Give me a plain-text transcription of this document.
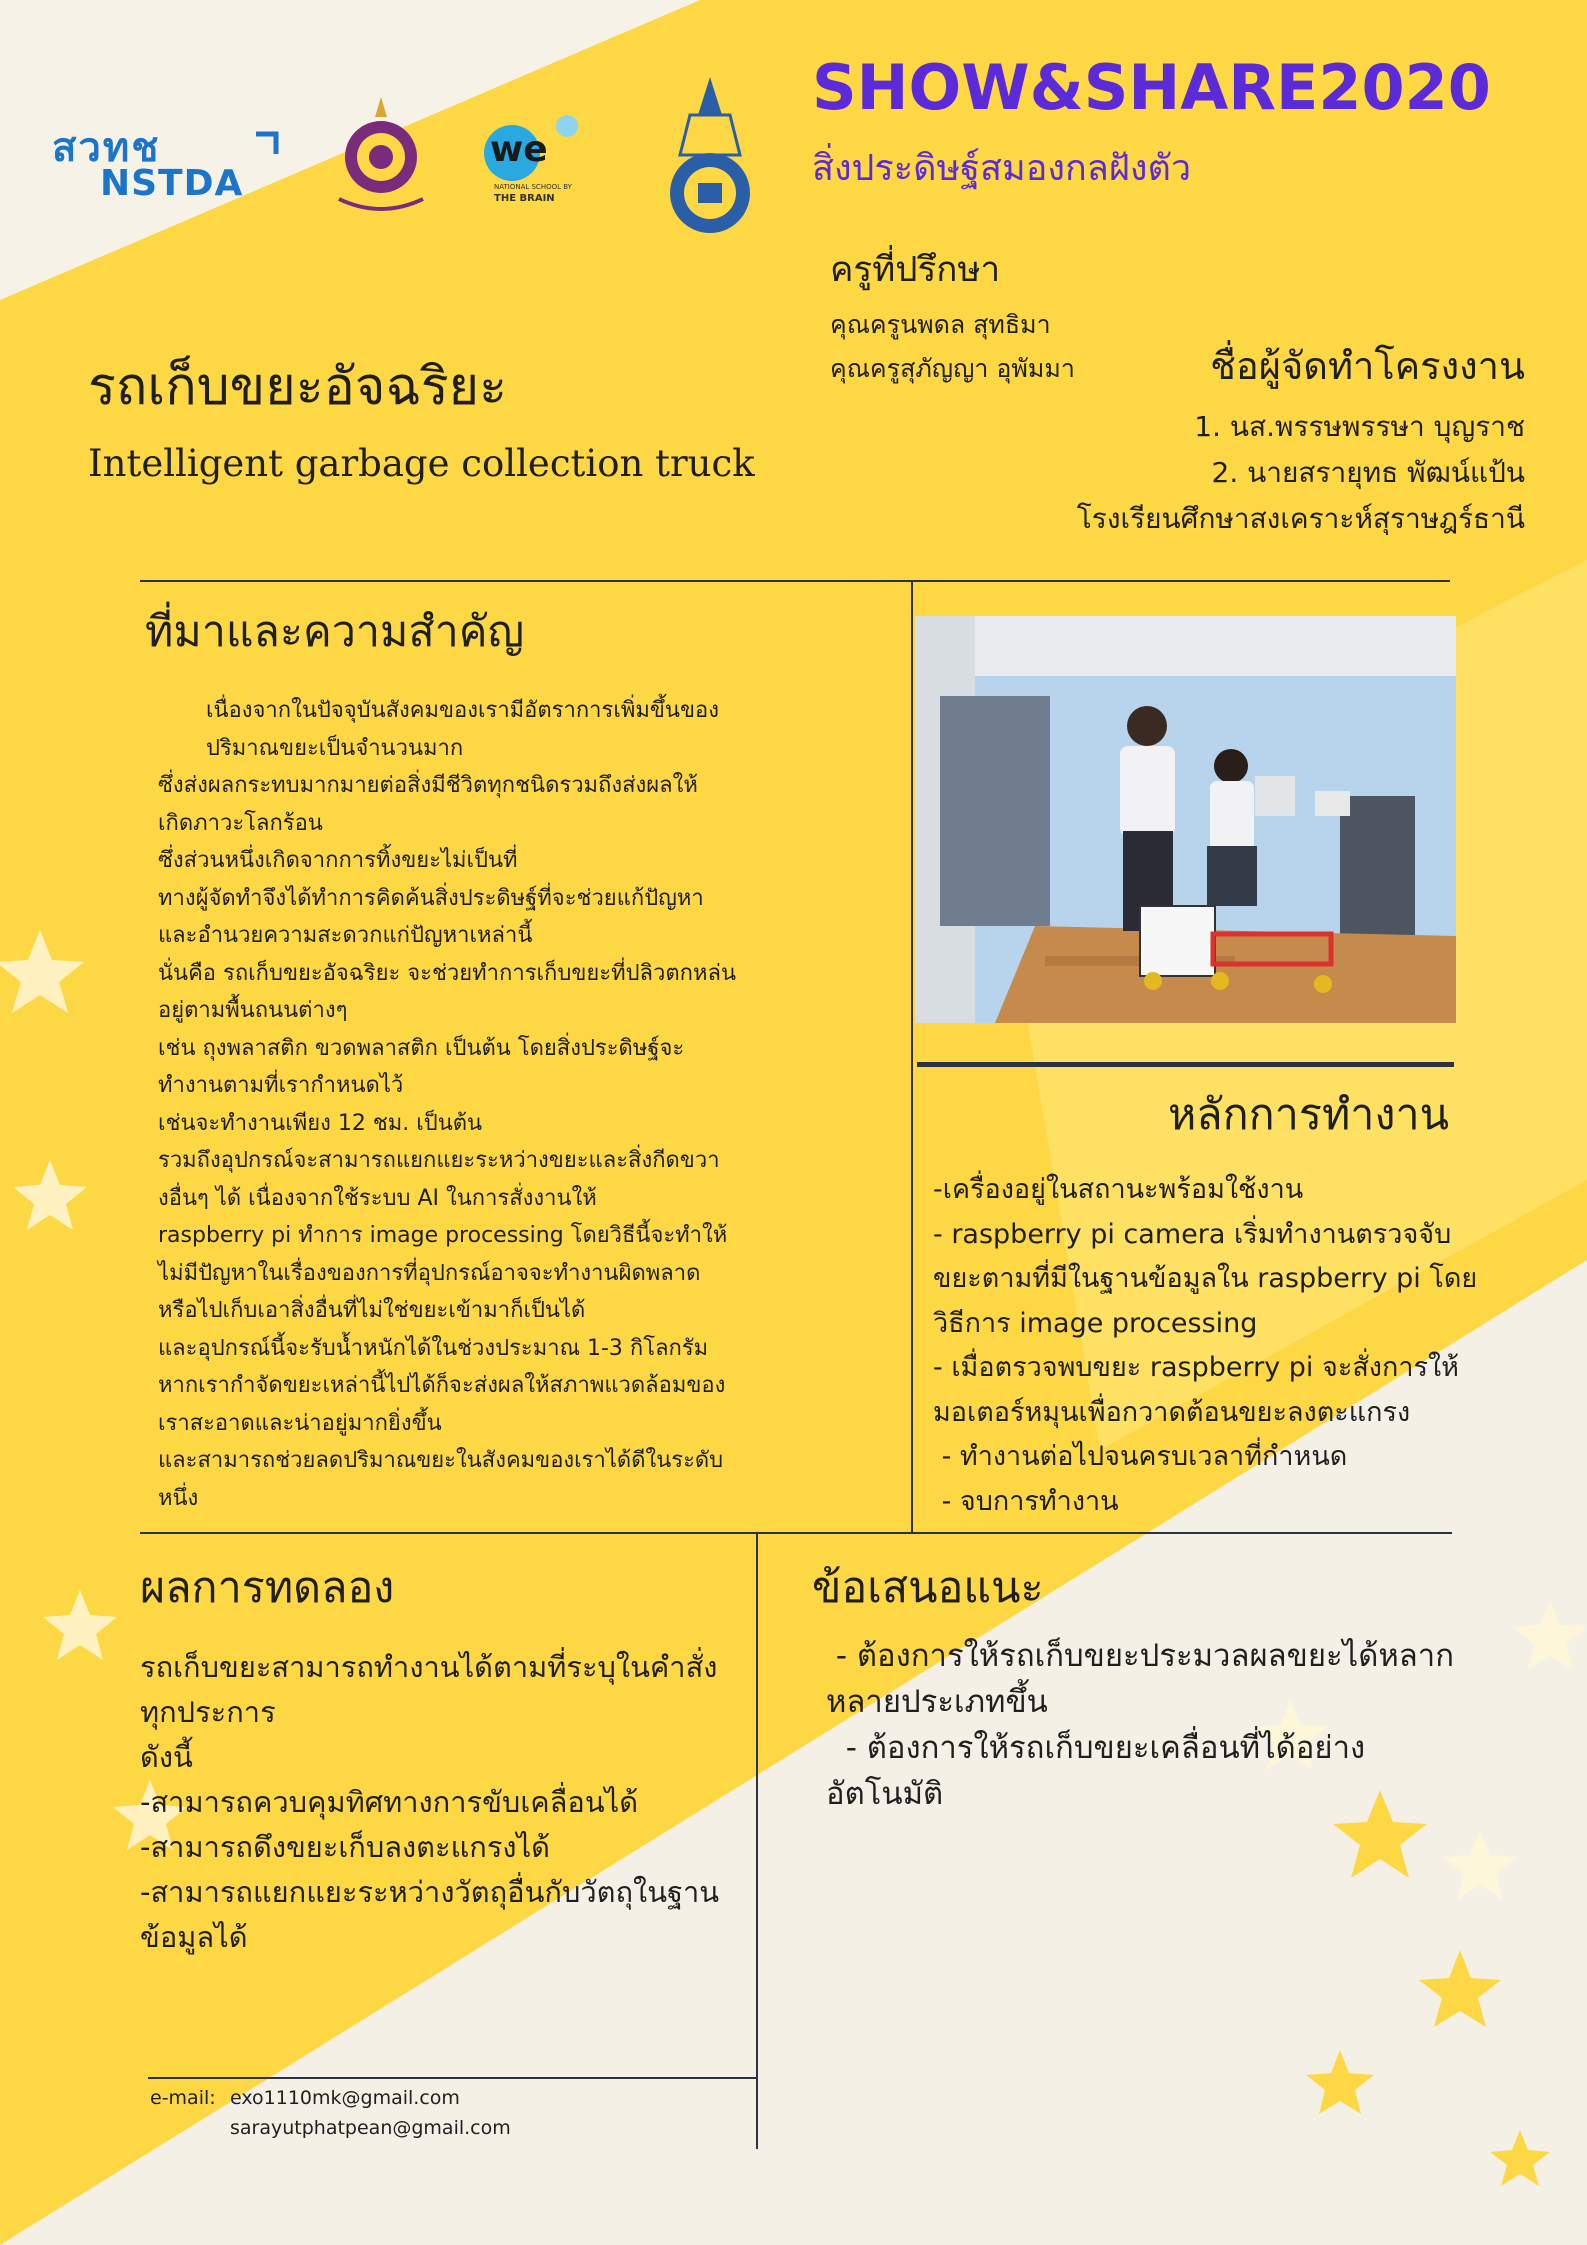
สวทช
NSTDA
we
NATIONAL SCHOOL BY
THE BRAIN
SHOW&SHARE2020
สิ่งประดิษฐ์สมองกลฝังตัว
ครูที่ปรึกษา
คุณครูนพดล สุทธิมา
คุณครูสุภัญญา อุพัมมา
รถเก็บขยะอัจฉริยะ
Intelligent garbage collection truck
ชื่อผู้จัดทำโครงงาน
1. นส.พรรษพรรษา บุญราช
2. นายสรายุทธ พัฒน์แป้น
โรงเรียนศึกษาสงเคราะห์สุราษฎร์ธานี
ที่มาและความสำคัญ
เนื่องจากในปัจจุบันสังคมของเรามีอัตราการเพิ่มขึ้นของ
ปริมาณขยะเป็นจำนวนมาก
ซึ่งส่งผลกระทบมากมายต่อสิ่งมีชีวิตทุกชนิดรวมถึงส่งผลให้
เกิดภาวะโลกร้อน
ซึ่งส่วนหนึ่งเกิดจากการทิ้งขยะไม่เป็นที่
ทางผู้จัดทำจึงได้ทำการคิดค้นสิ่งประดิษฐ์ที่จะช่วยแก้ปัญหา
และอำนวยความสะดวกแก่ปัญหาเหล่านี้
นั่นคือ รถเก็บขยะอัจฉริยะ จะช่วยทำการเก็บขยะที่ปลิวตกหล่น
อยู่ตามพื้นถนนต่างๆ
เช่น ถุงพลาสติก ขวดพลาสติก เป็นต้น โดยสิ่งประดิษฐ์จะ
ทำงานตามที่เรากำหนดไว้
เช่นจะทำงานเพียง 12 ชม. เป็นต้น
รวมถึงอุปกรณ์จะสามารถแยกแยะระหว่างขยะและสิ่งกีดขวา
งอื่นๆ ได้ เนื่องจากใช้ระบบ AI ในการสั่งงานให้
raspberry pi ทำการ image processing โดยวิธีนี้จะทำให้
ไม่มีปัญหาในเรื่องของการที่อุปกรณ์อาจจะทำงานผิดพลาด
หรือไปเก็บเอาสิ่งอื่นที่ไม่ใช่ขยะเข้ามาก็เป็นได้
และอุปกรณ์นี้จะรับน้ำหนักได้ในช่วงประมาณ 1-3 กิโลกรัม
หากเรากำจัดขยะเหล่านี้ไปได้ก็จะส่งผลให้สภาพแวดล้อมของ
เราสะอาดและน่าอยู่มากยิ่งขึ้น
และสามารถช่วยลดปริมาณขยะในสังคมของเราได้ดีในระดับ
หนึ่ง
หลักการทำงาน
-เครื่องอยู่ในสถานะพร้อมใช้งาน
- raspberry pi camera เริ่มทำงานตรวจจับ
ขยะตามที่มีในฐานข้อมูลใน raspberry pi โดย
วิธีการ image processing
- เมื่อตรวจพบขยะ raspberry pi จะสั่งการให้
มอเตอร์หมุนเพื่อกวาดต้อนขยะลงตะแกรง
- ทำงานต่อไปจนครบเวลาที่กำหนด
- จบการทำงาน
ผลการทดลอง
รถเก็บขยะสามารถทำงานได้ตามที่ระบุในคำสั่ง
ทุกประการ
ดังนี้
-สามารถควบคุมทิศทางการขับเคลื่อนได้
-สามารถดึงขยะเก็บลงตะแกรงได้
-สามารถแยกแยะระหว่างวัตถุอื่นกับวัตถุในฐาน
ข้อมูลได้
ข้อเสนอแนะ
- ต้องการให้รถเก็บขยะประมวลผลขยะได้หลาก
หลายประเภทขึ้น
- ต้องการให้รถเก็บขยะเคลื่อนที่ได้อย่าง
อัตโนมัติ
e-mail: exo1110mk@gmail.com
sarayutphatpean@gmail.com
